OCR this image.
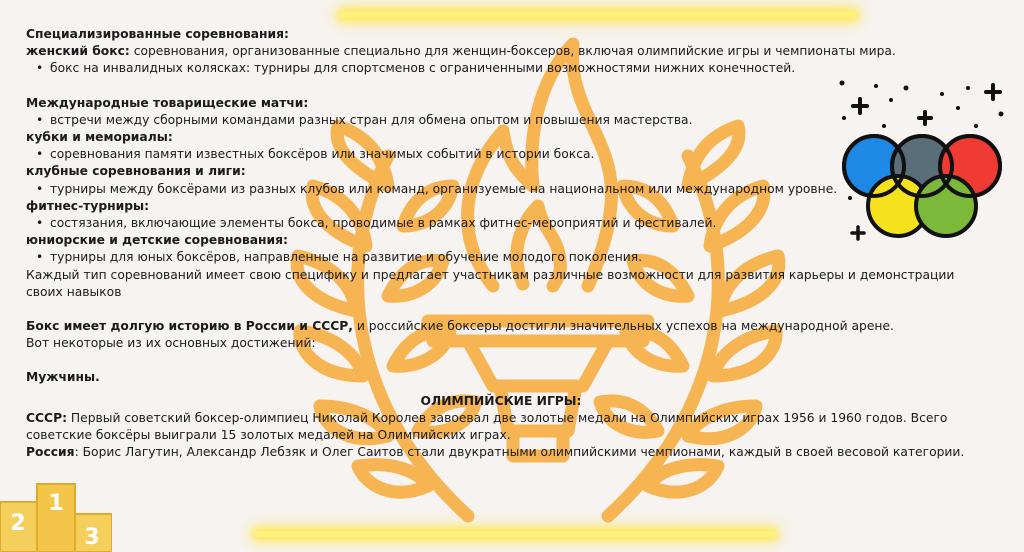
Специализированные соревнования:

женский бокс: соревнования, организованные специально для женщин-боксеров, включая олимпийские игры и чемпионаты мира.

• бокс на инвалидных колясках: турниры для спортсменов с ограниченными возможностями нижних конечностей.

Международные товарищеские матчи:

• встречи между сборными командами разных стран для обмена опытом и повышения мастерства.

кубки и мемориалы:

• соревнования памяти известных боксёров или значимых событий в истории бокса.

клубные соревнования и лиги:

• турниры между боксёрами из разных клубов или команд, организуемые на национальном или международном уровне.

фитнес-турниры:

• состязания, включающие элементы бокса, проводимые в рамках фитнес-мероприятий и фестивалей.

юниорские и детские соревнования:

• турниры для юных боксёров, направленные на развитие и обучение молодого поколения.

Каждый тип соревнований имеет свою специфику и предлагает участникам различные возможности для развития карьеры и демонстрации своих навыков

Бокс имеет долгую историю в России и СССР, и российские боксеры достигли значительных успехов на международной арене.

Вот некоторые из их основных достижений:

Мужчины.

ОЛИМПИЙСКИЕ ИГРЫ:

СССР: Первый советский боксер-олимпиец Николай Королев завоевал две золотые медали на Олимпийских играх 1956 и 1960 годов. Всего советские боксёры выиграли 15 золотых медалей на Олимпийских играх.

Россия: Борис Лагутин, Александр Лебзяк и Олег Саитов стали двукратными олимпийскими чемпионами, каждый в своей весовой категории.

1
2
3
